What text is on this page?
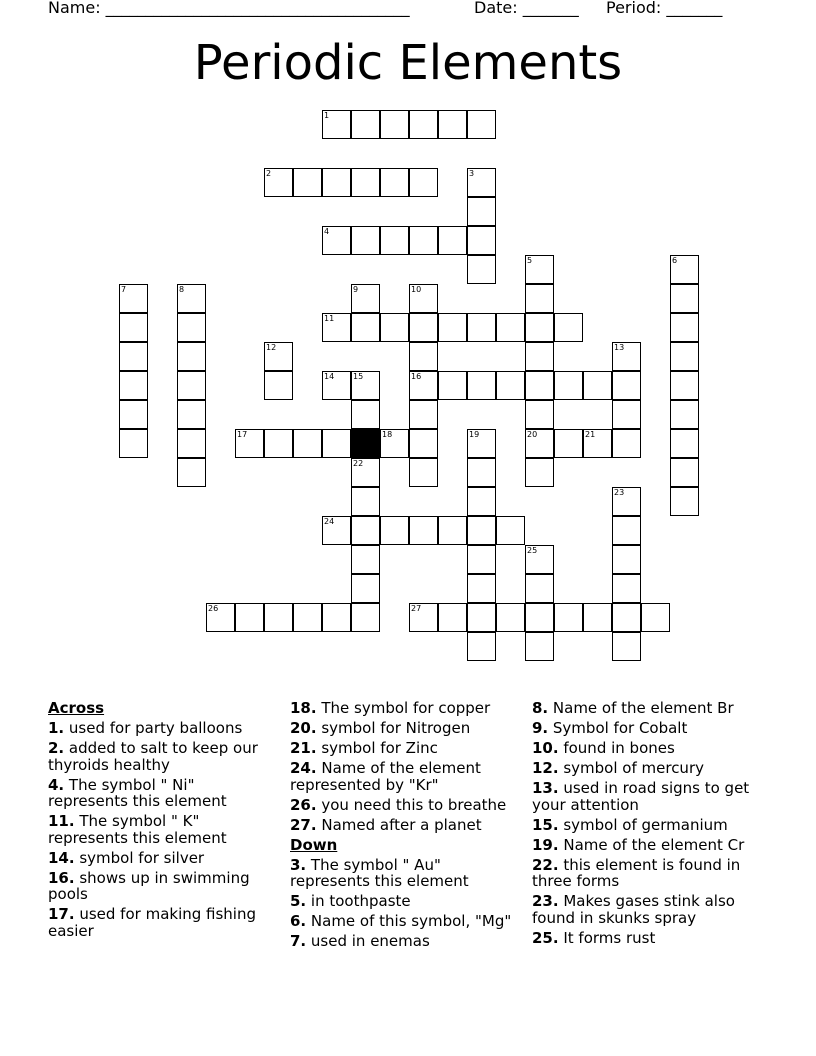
Name: ______________________________________	Date: _______ Period: _______
Periodic Elements
1
2
4
11
14 15	16
17	18	20	21
24
26	27
3
5	6
7	8	9	10
12	13
22
19
23
25
Across
1. used for party balloons
2. added to salt to keep our thyroids healthy
4. The symbol " Ni" represents this element
11. The symbol " K" represents this element
14. symbol for silver
16. shows up in swimming pools
17. used for making fishing easier
18. The symbol for copper
20. symbol for Nitrogen
21. symbol for Zinc
24. Name of the element represented by "Kr"
26. you need this to breathe
27. Named after a planet
Down
3. The symbol " Au" represents this element
5. in toothpaste
6. Name of this symbol, "Mg"
7. used in enemas
8. Name of the element Br
9. Symbol for Cobalt
10. found in bones
12. symbol of mercury
13. used in road signs to get your attention
15. symbol of germanium
19. Name of the element Cr
22. this element is found in three forms
23. Makes gases stink also found in skunks spray
25. It forms rust
